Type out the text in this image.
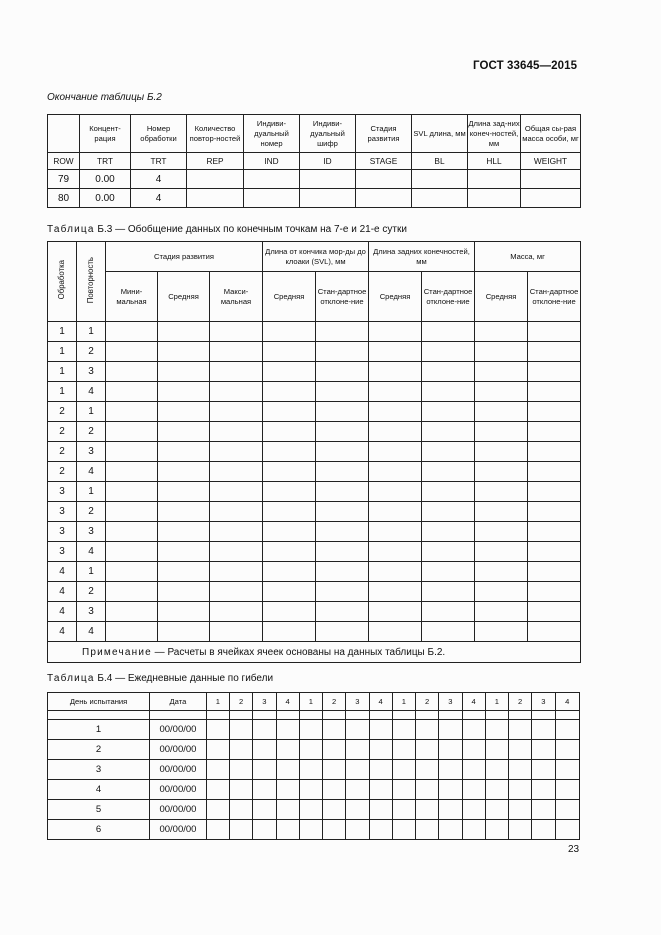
ГОСТ 33645—2015
Окончание таблицы Б.2
	Концент-рация	Номер обработки	Количество повтор-ностей	Индиви-дуальный номер	Индиви-дуальный шифр	Стадия развития	SVL длина, мм	Длина зад-них конеч-ностей, мм	Общая сы-рая масса особи, мг
ROW	TRT	TRT	REP	IND	ID	STAGE	BL	HLL	WEIGHT
79	0.00	4							
80	0.00	4							
Таблица Б.3 — Обобщение данных по конечным точкам на 7-е и 21-е сутки
Обработка	Повторность	Стадия развития			Длина от кончика мор-ды до клоаки (SVL), мм		Длина задних конечностей, мм		Масса, мг	
		Мини-мальная	Средняя	Макси-мальная	Средняя	Стан-дартное отклоне-ние	Средняя	Стан-дартное отклоне-ние	Средняя	Стан-дартное отклоне-ние
1	1									
1	2									
1	3									
1	4									
2	1									
2	2									
2	3									
2	4									
3	1									
3	2									
3	3									
3	4									
4	1									
4	2									
4	3									
4	4									
Примечание — Расчеты в ячейках ячеек основаны на данных таблицы Б.2.										
Таблица Б.4 — Ежедневные данные по гибели
День испытания	Дата	1	2	3	4	1	2	3	4	1	2	3	4	1	2	3	4

1	00/00/00																
2	00/00/00																
3	00/00/00																
4	00/00/00																
5	00/00/00																
6	00/00/00																
23
